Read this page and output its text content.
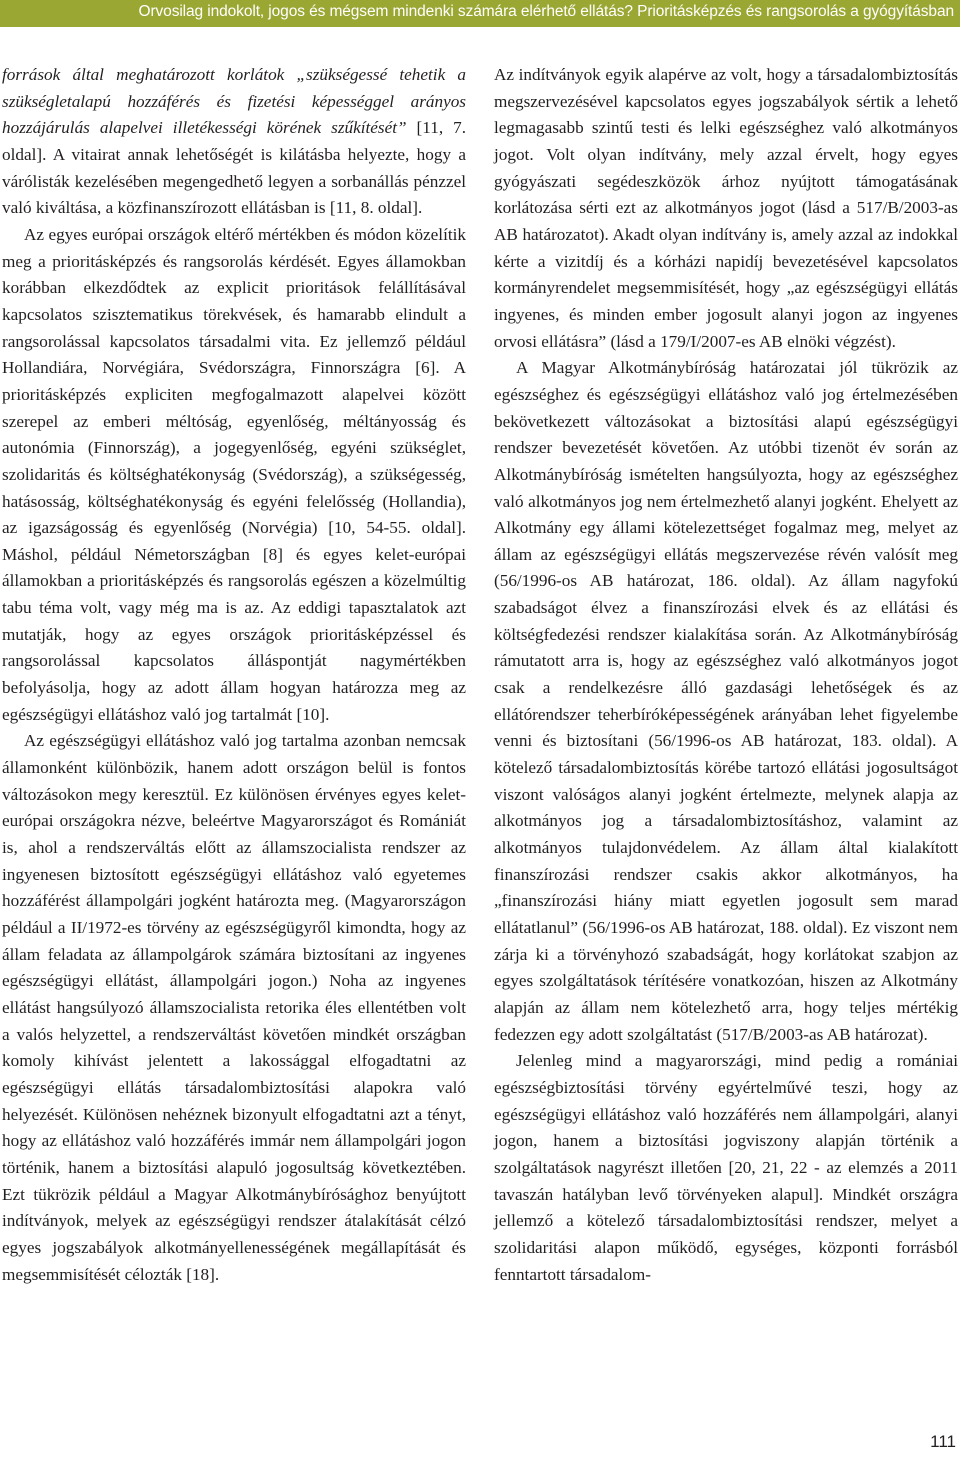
Orvosilag indokolt, jogos és mégsem mindenki számára elérhető ellátás? Prioritásképzés és rangsorolás a gyógyításban

források által meghatározott korlátok „szükségessé tehetik a szükségletalapú hozzáférés és fizetési képességgel arányos hozzájárulás alapelvei illetékességi körének szűkítését” [11, 7. oldal]. A vitairat annak lehetőségét is kilátásba helyezte, hogy a várólisták kezelésében megengedhető legyen a sorbanállás pénzzel való kiváltása, a közfinanszírozott ellátásban is [11, 8. oldal].

Az egyes európai országok eltérő mértékben és módon közelítik meg a prioritásképzés és rangsorolás kérdését. Egyes államokban korábban elkezdődtek az explicit prioritások felállításával kapcsolatos szisztematikus törekvések, és hamarabb elindult a rangsorolással kapcsolatos társadalmi vita. Ez jellemző például Hollandiára, Norvégiára, Svédországra, Finnországra [6]. A prioritásképzés expliciten megfogalmazott alapelvei között szerepel az emberi méltóság, egyenlőség, méltányosság és autonómia (Finnország), a jogegyenlőség, egyéni szükséglet, szolidaritás és költséghatékonyság (Svédország), a szükségesség, hatásosság, költséghatékonyság és egyéni felelősség (Hollandia), az igazságosság és egyenlőség (Norvégia) [10, 54-55. oldal]. Máshol, például Németországban [8] és egyes kelet-európai államokban a prioritásképzés és rangsorolás egészen a közelmúltig tabu téma volt, vagy még ma is az. Az eddigi tapasztalatok azt mutatják, hogy az egyes országok prioritásképzéssel és rangsorolással kapcsolatos álláspontját nagymértékben befolyásolja, hogy az adott állam hogyan határozza meg az egészségügyi ellátáshoz való jog tartalmát [10].

Az egészségügyi ellátáshoz való jog tartalma azonban nemcsak államonként különbözik, hanem adott országon belül is fontos változásokon megy keresztül. Ez különösen érvényes egyes kelet-európai országokra nézve, beleértve Magyarországot és Romániát is, ahol a rendszerváltás előtt az államszocialista rendszer az ingyenesen biztosított egészségügyi ellátáshoz való egyetemes hozzáférést állampolgári jogként határozta meg. (Magyarországon például a II/1972-es törvény az egészségügyről kimondta, hogy az állam feladata az állampolgárok számára biztosítani az ingyenes egészségügyi ellátást, állampolgári jogon.) Noha az ingyenes ellátást hangsúlyozó államszocialista retorika éles ellentétben volt a valós helyzettel, a rendszerváltást követően mindkét országban komoly kihívást jelentett a lakossággal elfogadtatni az egészségügyi ellátás társadalombiztosítási alapokra való helyezését. Különösen nehéznek bizonyult elfogadtatni azt a tényt, hogy az ellátáshoz való hozzáférés immár nem állampolgári jogon történik, hanem a biztosítási alapuló jogosultság következtében. Ezt tükrözik például a Magyar Alkotmánybírósághoz benyújtott indítványok, melyek az egészségügyi rendszer átalakítását célzó egyes jogszabályok alkotmányellenességének megállapítását és megsemmisítését célozták [18].

Az indítványok egyik alapérve az volt, hogy a társadalombiztosítás megszervezésével kapcsolatos egyes jogszabályok sértik a lehető legmagasabb szintű testi és lelki egészséghez való alkotmányos jogot. Volt olyan indítvány, mely azzal érvelt, hogy egyes gyógyászati segédeszközök árhoz nyújtott támogatásának korlátozása sérti ezt az alkotmányos jogot (lásd a 517/B/2003-as AB határozatot). Akadt olyan indítvány is, amely azzal az indokkal kérte a vizitdíj és a kórházi napidíj bevezetésével kapcsolatos kormányrendelet megsemmisítését, hogy „az egészségügyi ellátás ingyenes, és minden ember jogosult alanyi jogon az ingyenes orvosi ellátásra” (lásd a 179/I/2007-es AB elnöki végzést).

A Magyar Alkotmánybíróság határozatai jól tükrözik az egészséghez és egészségügyi ellátáshoz való jog értelmezésében bekövetkezett változásokat a biztosítási alapú egészségügyi rendszer bevezetését követően. Az utóbbi tizenöt év során az Alkotmánybíróság ismételten hangsúlyozta, hogy az egészséghez való alkotmányos jog nem értelmezhető alanyi jogként. Ehelyett az Alkotmány egy állami kötelezettséget fogalmaz meg, melyet az állam az egészségügyi ellátás megszervezése révén valósít meg (56/1996-os AB határozat, 186. oldal). Az állam nagyfokú szabadságot élvez a finanszírozási elvek és az ellátási és költségfedezési rendszer kialakítása során. Az Alkotmánybíróság rámutatott arra is, hogy az egészséghez való alkotmányos jogot csak a rendelkezésre álló gazdasági lehetőségek és az ellátórendszer teherbíróképességének arányában lehet figyelembe venni és biztosítani (56/1996-os AB határozat, 183. oldal). A kötelező társadalombiztosítás körébe tartozó ellátási jogosultságot viszont valóságos alanyi jogként értelmezte, melynek alapja az alkotmányos jog a társadalombiztosításhoz, valamint az alkotmányos tulajdonvédelem. Az állam által kialakított finanszírozási rendszer csakis akkor alkotmányos, ha „finanszírozási hiány miatt egyetlen jogosult sem marad ellátatlanul” (56/1996-os AB határozat, 188. oldal). Ez viszont nem zárja ki a törvényhozó szabadságát, hogy korlátokat szabjon az egyes szolgáltatások térítésére vonatkozóan, hiszen az Alkotmány alapján az állam nem kötelezhető arra, hogy teljes mértékig fedezzen egy adott szolgáltatást (517/B/2003-as AB határozat).

Jelenleg mind a magyarországi, mind pedig a romániai egészségbiztosítási törvény egyértelművé teszi, hogy az egészségügyi ellátáshoz való hozzáférés nem állampolgári, alanyi jogon, hanem a biztosítási jogviszony alapján történik a szolgáltatások nagyrészt illetően [20, 21, 22 - az elemzés a 2011 tavaszán hatályban levő törvényeken alapul]. Mindkét országra jellemző a kötelező társadalombiztosítási rendszer, melyet a szolidaritási alapon működő, egységes, központi forrásból fenntartott társadalom-

111
